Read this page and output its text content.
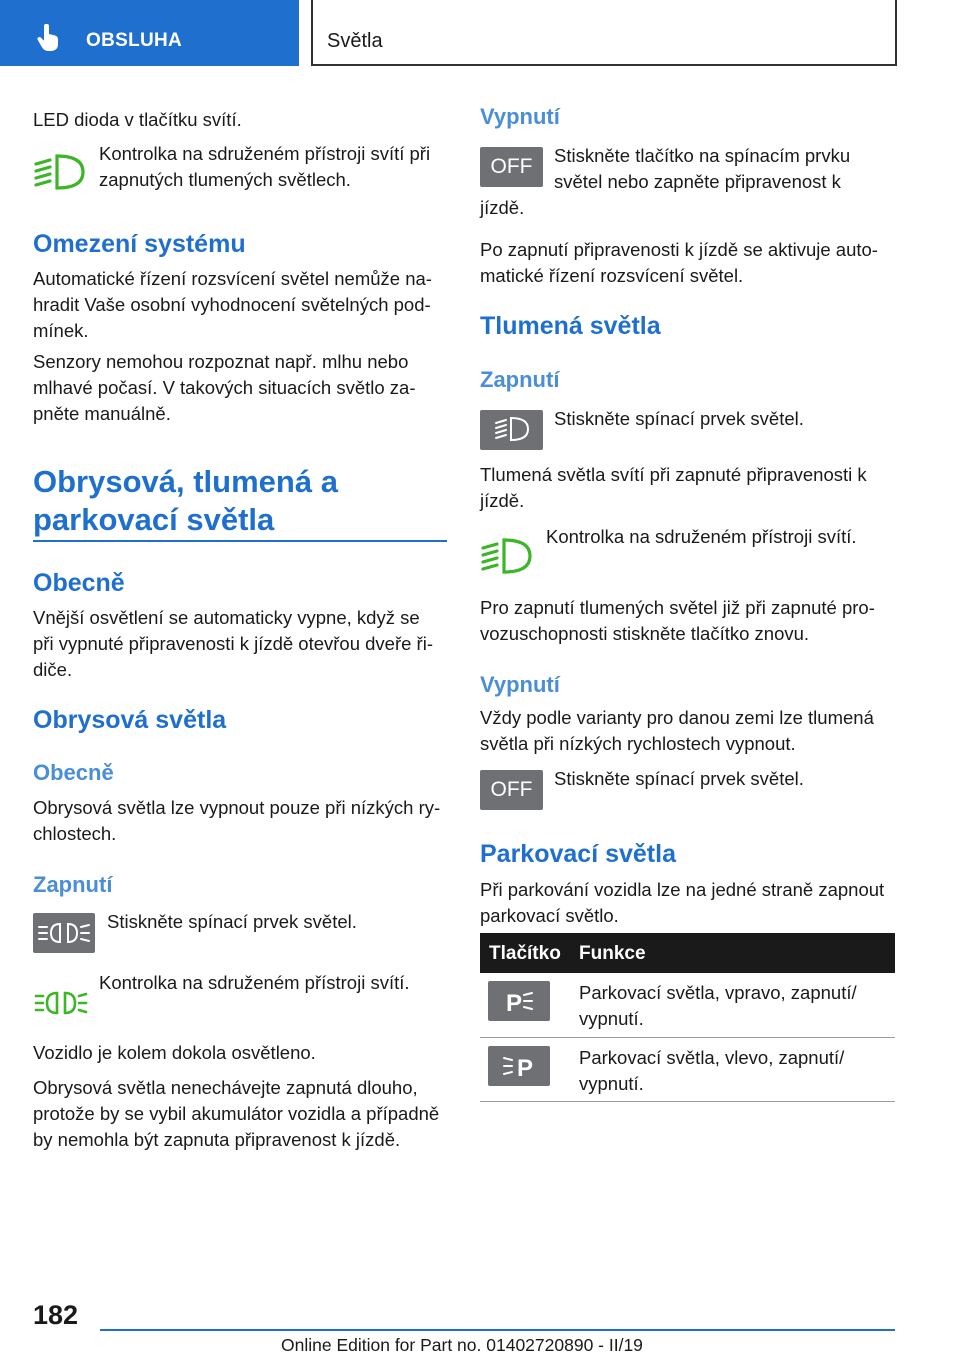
OBSLUHA	Světla
LED dioda v tlačítku svítí.
Kontrolka na sdruženém přístroji svítí při
zapnutých tlumených světlech.
Omezení systému
Automatické řízení rozsvícení světel nemůže na‐
hradit Vaše osobní vyhodnocení světelných pod‐
mínek.
Senzory nemohou rozpoznat např. mlhu nebo
mlhavé počasí. V takových situacích světlo za‐
pněte manuálně.
Obrysová, tlumená a
parkovací světla
Obecně
Vnější osvětlení se automaticky vypne, když se
při vypnuté připravenosti k jízdě otevřou dveře ři‐
diče.
Obrysová světla
Obecně
Obrysová světla lze vypnout pouze při nízkých ry‐
chlostech.
Zapnutí
Stiskněte spínací prvek světel.
Kontrolka na sdruženém přístroji svítí.
Vozidlo je kolem dokola osvětleno.
Obrysová světla nenechávejte zapnutá dlouho,
protože by se vybil akumulátor vozidla a případně
by nemohla být zapnuta připravenost k jízdě.
Vypnutí
OFF	Stiskněte tlačítko na spínacím prvku
světel nebo zapněte připravenost k
jízdě.
Po zapnutí připravenosti k jízdě se aktivuje auto‐
matické řízení rozsvícení světel.
Tlumená světla
Zapnutí
Stiskněte spínací prvek světel.
Tlumená světla svítí při zapnuté připravenosti k
jízdě.
Kontrolka na sdruženém přístroji svítí.
Pro zapnutí tlumených světel již při zapnuté pro‐
vozuschopnosti stiskněte tlačítko znovu.
Vypnutí
Vždy podle varianty pro danou zemi lze tlumená
světla při nízkých rychlostech vypnout.
OFF	Stiskněte spínací prvek světel.
Parkovací světla
Při parkování vozidla lze na jedné straně zapnout
parkovací světlo.
Tlačítko Funkce
P	Parkovací světla, vpravo, zapnutí/
vypnutí.
P Parkovací světla, vlevo, zapnutí/
vypnutí.
182
Online Edition for Part no. 01402720890 - II/19
